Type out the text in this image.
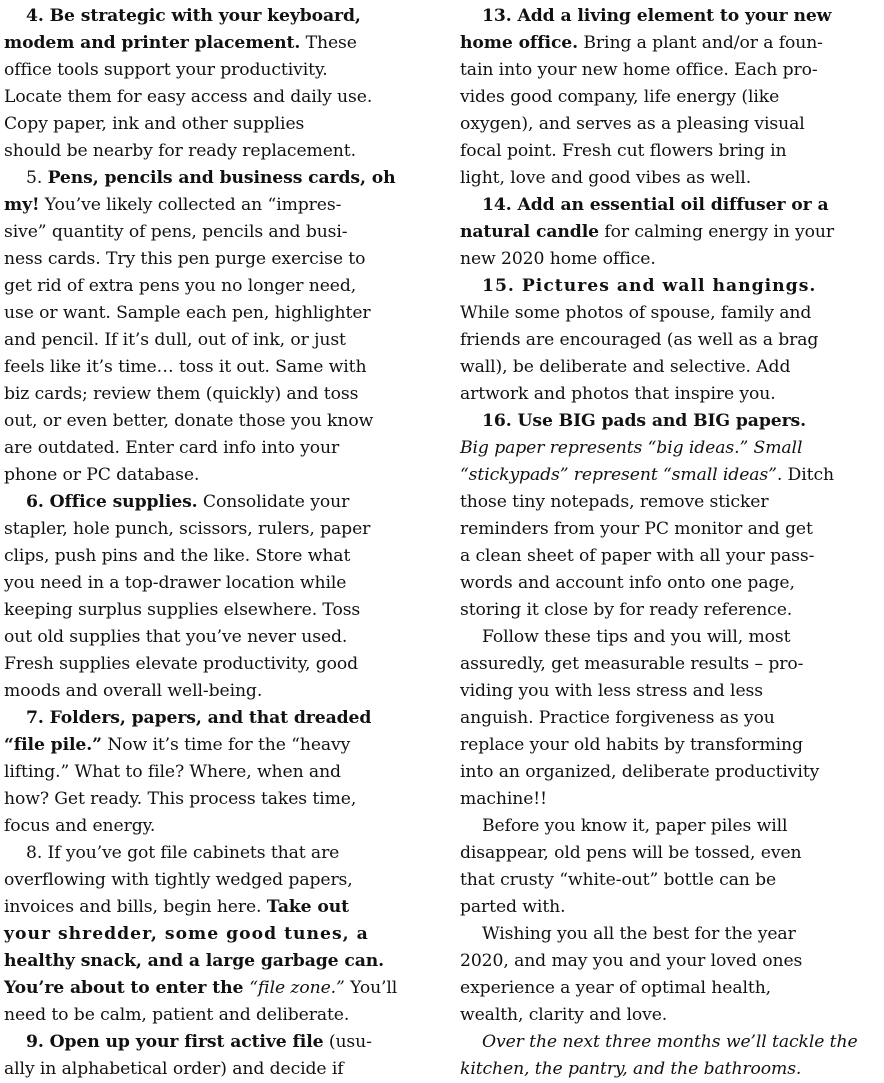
4. Be strategic with your keyboard,
modem and printer placement. These
office tools support your productivity.
Locate them for easy access and daily use.
Copy paper, ink and other supplies
should be nearby for ready replacement.
5. Pens, pencils and business cards, oh
my! You’ve likely collected an “impres-
sive” quantity of pens, pencils and busi-
ness cards. Try this pen purge exercise to
get rid of extra pens you no longer need,
use or want. Sample each pen, highlighter
and pencil. If it’s dull, out of ink, or just
feels like it’s time… toss it out. Same with
biz cards; review them (quickly) and toss
out, or even better, donate those you know
are outdated. Enter card info into your
phone or PC database.
6. Office supplies. Consolidate your
stapler, hole punch, scissors, rulers, paper
clips, push pins and the like. Store what
you need in a top-drawer location while
keeping surplus supplies elsewhere. Toss
out old supplies that you’ve never used.
Fresh supplies elevate productivity, good
moods and overall well-being.
7. Folders, papers, and that dreaded
“file pile.” Now it’s time for the “heavy
lifting.” What to file? Where, when and
how? Get ready. This process takes time,
focus and energy.
8. If you’ve got file cabinets that are
overflowing with tightly wedged papers,
invoices and bills, begin here. Take out
your shredder, some good tunes, a
healthy snack, and a large garbage can.
You’re about to enter the “file zone.” You’ll
need to be calm, patient and deliberate.
9. Open up your first active file (usu-
ally in alphabetical order) and decide if
13. Add a living element to your new
home office. Bring a plant and/or a foun-
tain into your new home office. Each pro-
vides good company, life energy (like
oxygen), and serves as a pleasing visual
focal point. Fresh cut flowers bring in
light, love and good vibes as well.
14. Add an essential oil diffuser or a
natural candle for calming energy in your
new 2020 home office.
15. Pictures and wall hangings.
While some photos of spouse, family and
friends are encouraged (as well as a brag
wall), be deliberate and selective. Add
artwork and photos that inspire you.
16. Use BIG pads and BIG papers.
Big paper represents “big ideas.” Small
“stickypads” represent “small ideas”. Ditch
those tiny notepads, remove sticker
reminders from your PC monitor and get
a clean sheet of paper with all your pass-
words and account info onto one page,
storing it close by for ready reference.
Follow these tips and you will, most
assuredly, get measurable results – pro-
viding you with less stress and less
anguish. Practice forgiveness as you
replace your old habits by transforming
into an organized, deliberate productivity
machine!!
Before you know it, paper piles will
disappear, old pens will be tossed, even
that crusty “white-out” bottle can be
parted with.
Wishing you all the best for the year
2020, and may you and your loved ones
experience a year of optimal health,
wealth, clarity and love.
Over the next three months we’ll tackle the
kitchen, the pantry, and the bathrooms.
